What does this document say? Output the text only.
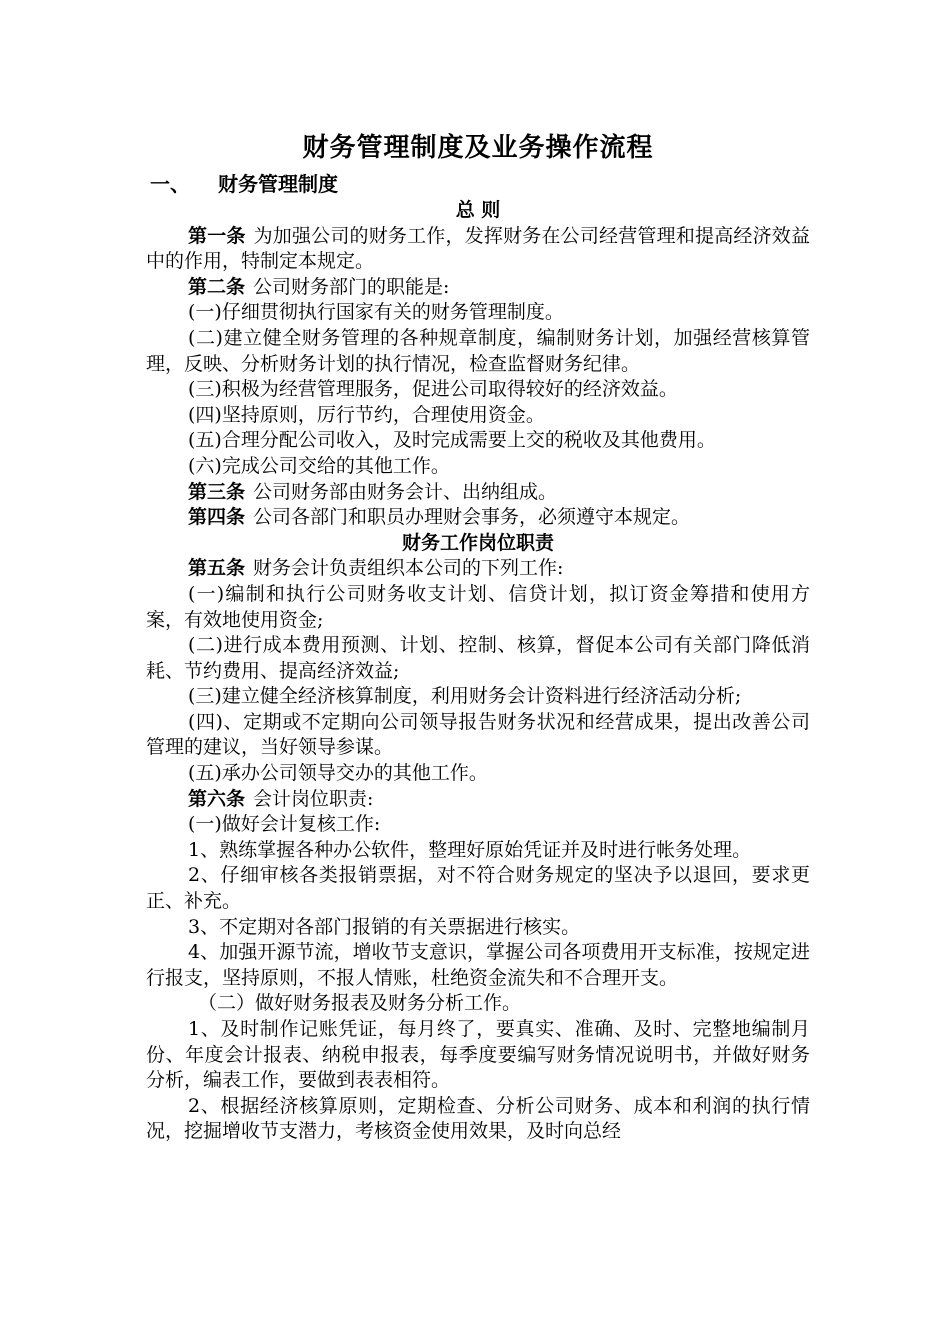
财务管理制度及业务操作流程
一、 财务管理制度
总 则

第一条 为加强公司的财务工作，发挥财务在公司经营管理和提高经济效益中的作用，特制定本规定。

第二条 公司财务部门的职能是:

(一)仔细贯彻执行国家有关的财务管理制度。

(二)建立健全财务管理的各种规章制度，编制财务计划，加强经营核算管理，反映、分析财务计划的执行情况，检查监督财务纪律。

(三)积极为经营管理服务，促进公司取得较好的经济效益。

(四)坚持原则，厉行节约，合理使用资金。

(五)合理分配公司收入，及时完成需要上交的税收及其他费用。

(六)完成公司交给的其他工作。

第三条 公司财务部由财务会计、出纳组成。

第四条 公司各部门和职员办理财会事务，必须遵守本规定。

财务工作岗位职责

第五条 财务会计负责组织本公司的下列工作:

(一)编制和执行公司财务收支计划、信贷计划，拟订资金筹措和使用方案，有效地使用资金;

(二)进行成本费用预测、计划、控制、核算，督促本公司有关部门降低消耗、节约费用、提高经济效益;

(三)建立健全经济核算制度，利用财务会计资料进行经济活动分析;

(四)、定期或不定期向公司领导报告财务状况和经营成果，提出改善公司管理的建议，当好领导参谋。

(五)承办公司领导交办的其他工作。

第六条 会计岗位职责:

(一)做好会计复核工作:

1、熟练掌握各种办公软件，整理好原始凭证并及时进行帐务处理。

2、仔细审核各类报销票据，对不符合财务规定的坚决予以退回，要求更正、补充。

3、不定期对各部门报销的有关票据进行核实。

4、加强开源节流，增收节支意识，掌握公司各项费用开支标准，按规定进行报支，坚持原则，不报人情账，杜绝资金流失和不合理开支。

（二）做好财务报表及财务分析工作。

1、及时制作记账凭证，每月终了，要真实、准确、及时、完整地编制月份、年度会计报表、纳税申报表，每季度要编写财务情况说明书，并做好财务分析，编表工作，要做到表表相符。

2、根据经济核算原则，定期检查、分析公司财务、成本和利润的执行情况，挖掘增收节支潜力，考核资金使用效果，及时向总经
